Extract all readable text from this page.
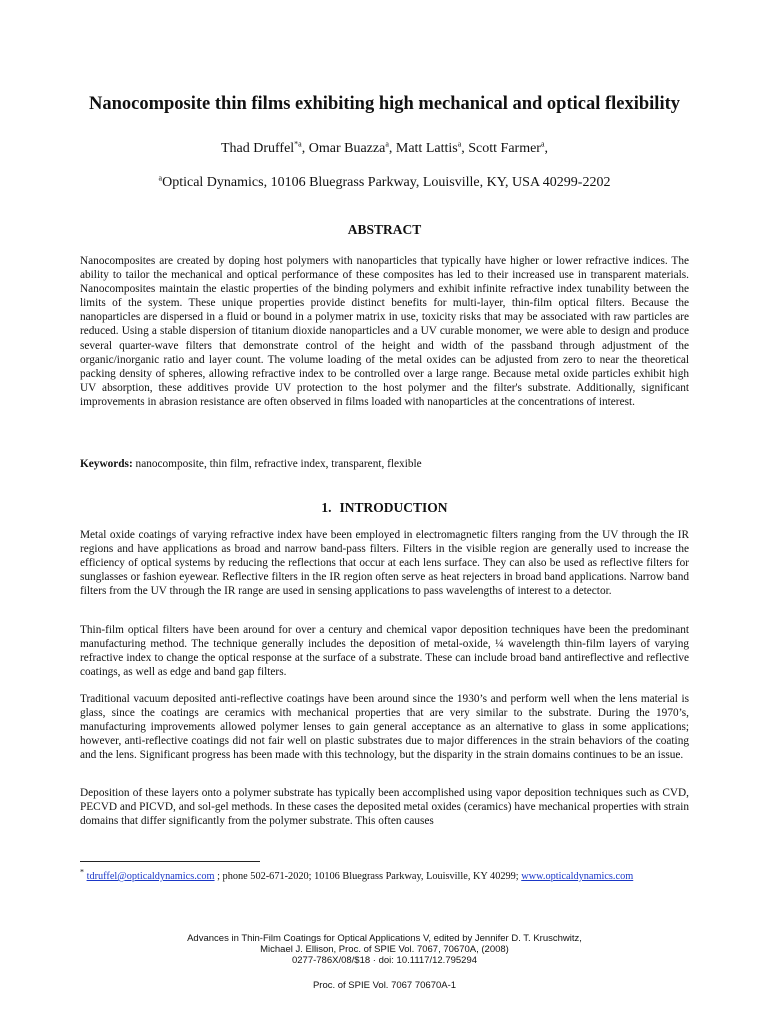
Nanocomposite thin films exhibiting high mechanical and optical flexibility
Thad Druffel$^{*a}$, Omar Buazza$^a$, Matt Lattis$^a$, Scott Farmer$^a$,
$^a$Optical Dynamics, 10106 Bluegrass Parkway, Louisville, KY, USA 40299-2202
ABSTRACT

Nanocomposites are created by doping host polymers with nanoparticles that typically have higher or lower refractive indices. The ability to tailor the mechanical and optical performance of these composites has led to their increased use in transparent materials. Nanocomposites maintain the elastic properties of the binding polymers and exhibit infinite refractive index tunability between the limits of the system. These unique properties provide distinct benefits for multi-layer, thin-film optical filters. Because the nanoparticles are dispersed in a fluid or bound in a polymer matrix in use, toxicity risks that may be associated with raw particles are reduced. Using a stable dispersion of titanium dioxide nanoparticles and a UV curable monomer, we were able to design and produce several quarter-wave filters that demonstrate control of the height and width of the passband through adjustment of the organic/inorganic ratio and layer count. The volume loading of the metal oxides can be adjusted from zero to near the theoretical packing density of spheres, allowing refractive index to be controlled over a large range. Because metal oxide particles exhibit high UV absorption, these additives provide UV protection to the host polymer and the filter's substrate. Additionally, significant improvements in abrasion resistance are often observed in films loaded with nanoparticles at the concentrations of interest.

Keywords: nanocomposite, thin film, refractive index, transparent, flexible
1. INTRODUCTION

Metal oxide coatings of varying refractive index have been employed in electromagnetic filters ranging from the UV through the IR regions and have applications as broad and narrow band-pass filters. Filters in the visible region are generally used to increase the efficiency of optical systems by reducing the reflections that occur at each lens surface. They can also be used as reflective filters for sunglasses or fashion eyewear. Reflective filters in the IR region often serve as heat rejecters in broad band applications. Narrow band filters from the UV through the IR range are used in sensing applications to pass wavelengths of interest to a detector.

Thin-film optical filters have been around for over a century and chemical vapor deposition techniques have been the predominant manufacturing method. The technique generally includes the deposition of metal-oxide, ¼ wavelength thin-film layers of varying refractive index to change the optical response at the surface of a substrate. These can include broad band antireflective and reflective coatings, as well as edge and band gap filters.

Traditional vacuum deposited anti-reflective coatings have been around since the 1930’s and perform well when the lens material is glass, since the coatings are ceramics with mechanical properties that are very similar to the substrate. During the 1970’s, manufacturing improvements allowed polymer lenses to gain general acceptance as an alternative to glass in some applications; however, anti-reflective coatings did not fair well on plastic substrates due to major differences in the strain behaviors of the coating and the lens. Significant progress has been made with this technology, but the disparity in the strain domains continues to be an issue.

Deposition of these layers onto a polymer substrate has typically been accomplished using vapor deposition techniques such as CVD, PECVD and PICVD, and sol-gel methods. In these cases the deposited metal oxides (ceramics) have mechanical properties with strain domains that differ significantly from the polymer substrate. This often causes

* tdruffel@opticaldynamics.com ; phone 502-671-2020; 10106 Bluegrass Parkway, Louisville, KY 40299; www.opticaldynamics.com
Advances in Thin-Film Coatings for Optical Applications V, edited by Jennifer D. T. Kruschwitz,
Michael J. Ellison, Proc. of SPIE Vol. 7067, 70670A, (2008)
0277-786X/08/$18 · doi: 10.1117/12.795294
Proc. of SPIE Vol. 7067 70670A-1
